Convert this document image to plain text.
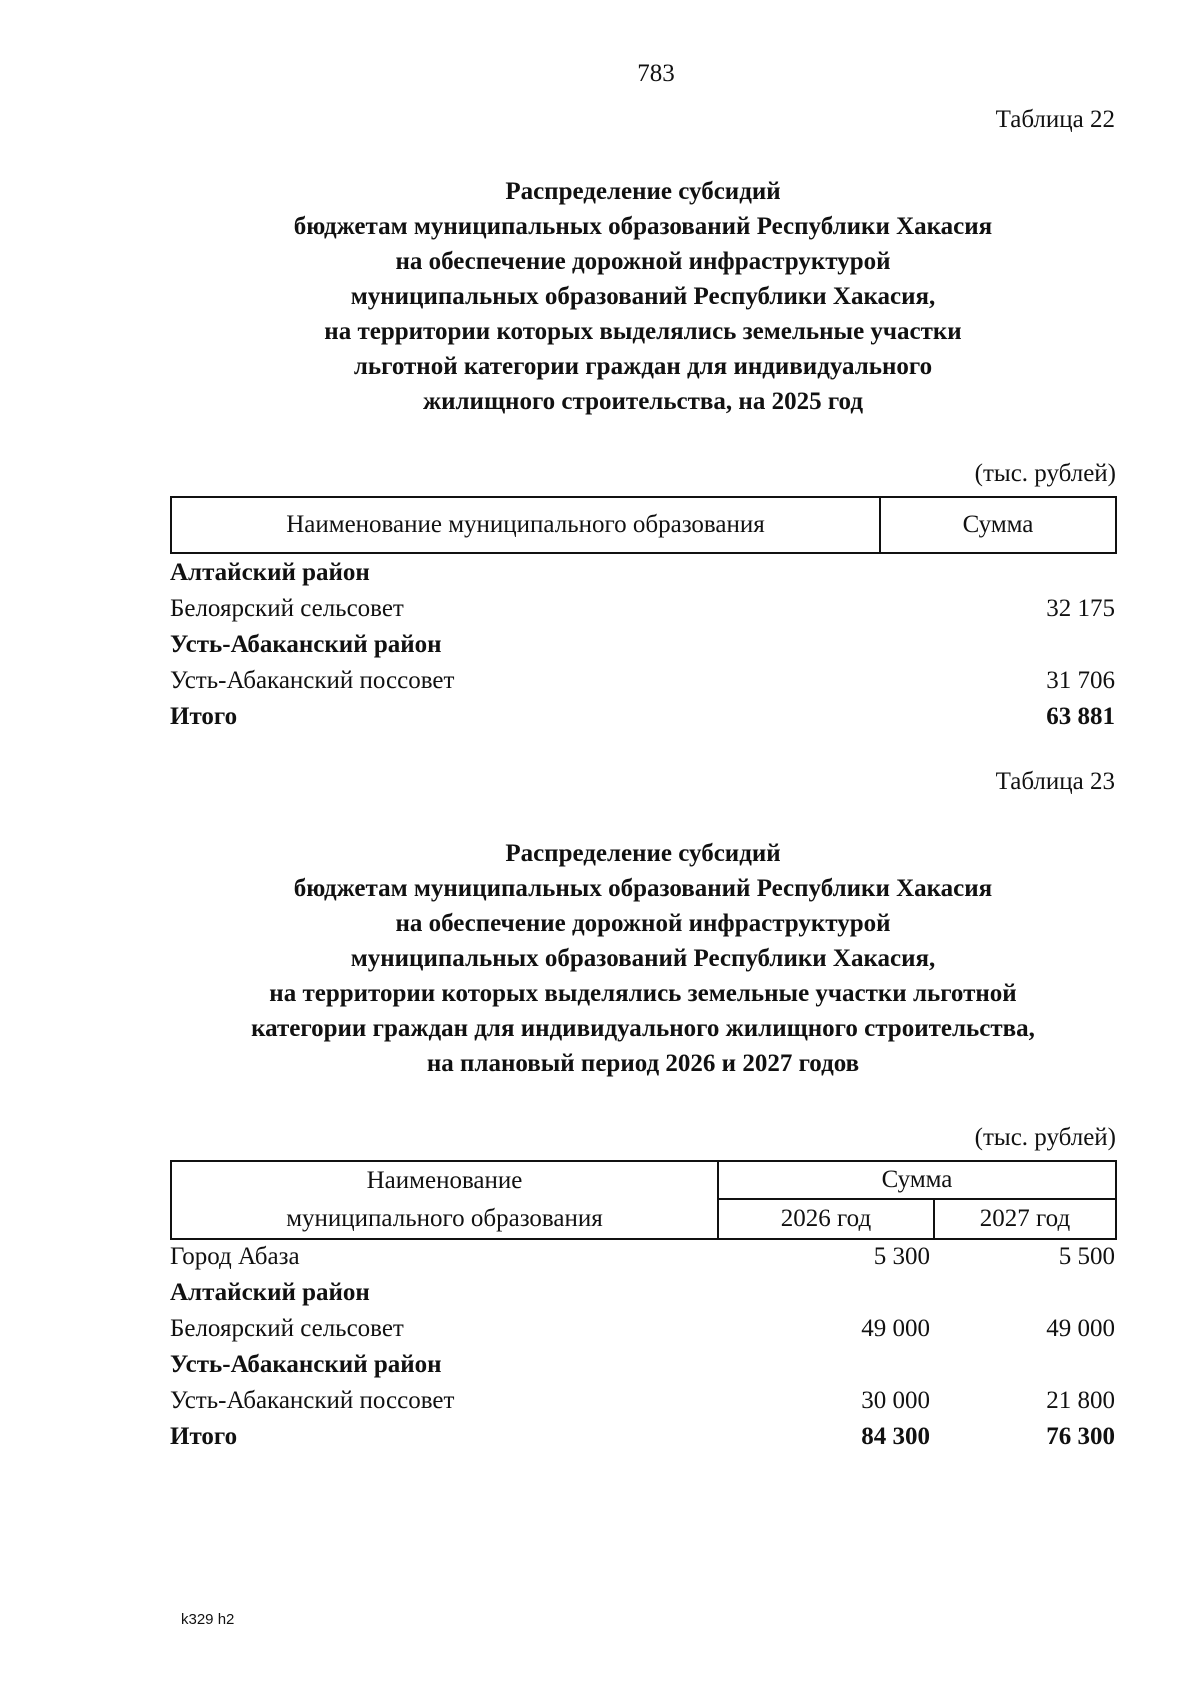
783
Таблица 22
Распределение субсидий
бюджетам муниципальных образований Республики Хакасия
на обеспечение дорожной инфраструктурой
муниципальных образований Республики Хакасия,
на территории которых выделялись земельные участки
льготной категории граждан для индивидуального
жилищного строительства, на 2025 год
(тыс. рублей)
Наименование муниципального образования	Сумма
Алтайский район
Белоярский сельсовет	32 175
Усть-Абаканский район
Усть-Абаканский поссовет	31 706
Итого	63 881
Таблица 23
Распределение субсидий
бюджетам муниципальных образований Республики Хакасия
на обеспечение дорожной инфраструктурой
муниципальных образований Республики Хакасия,
на территории которых выделялись земельные участки льготной
категории граждан для индивидуального жилищного строительства,
на плановый период 2026 и 2027 годов
(тыс. рублей)
Наименование
муниципального образования
Сумма
2026 год	2027 год
Город Абаза	5 300	5 500
Алтайский район
Белоярский сельсовет	49 000	49 000
Усть-Абаканский район
Усть-Абаканский поссовет	30 000	21 800
Итого	84 300	76 300
k329 h2
